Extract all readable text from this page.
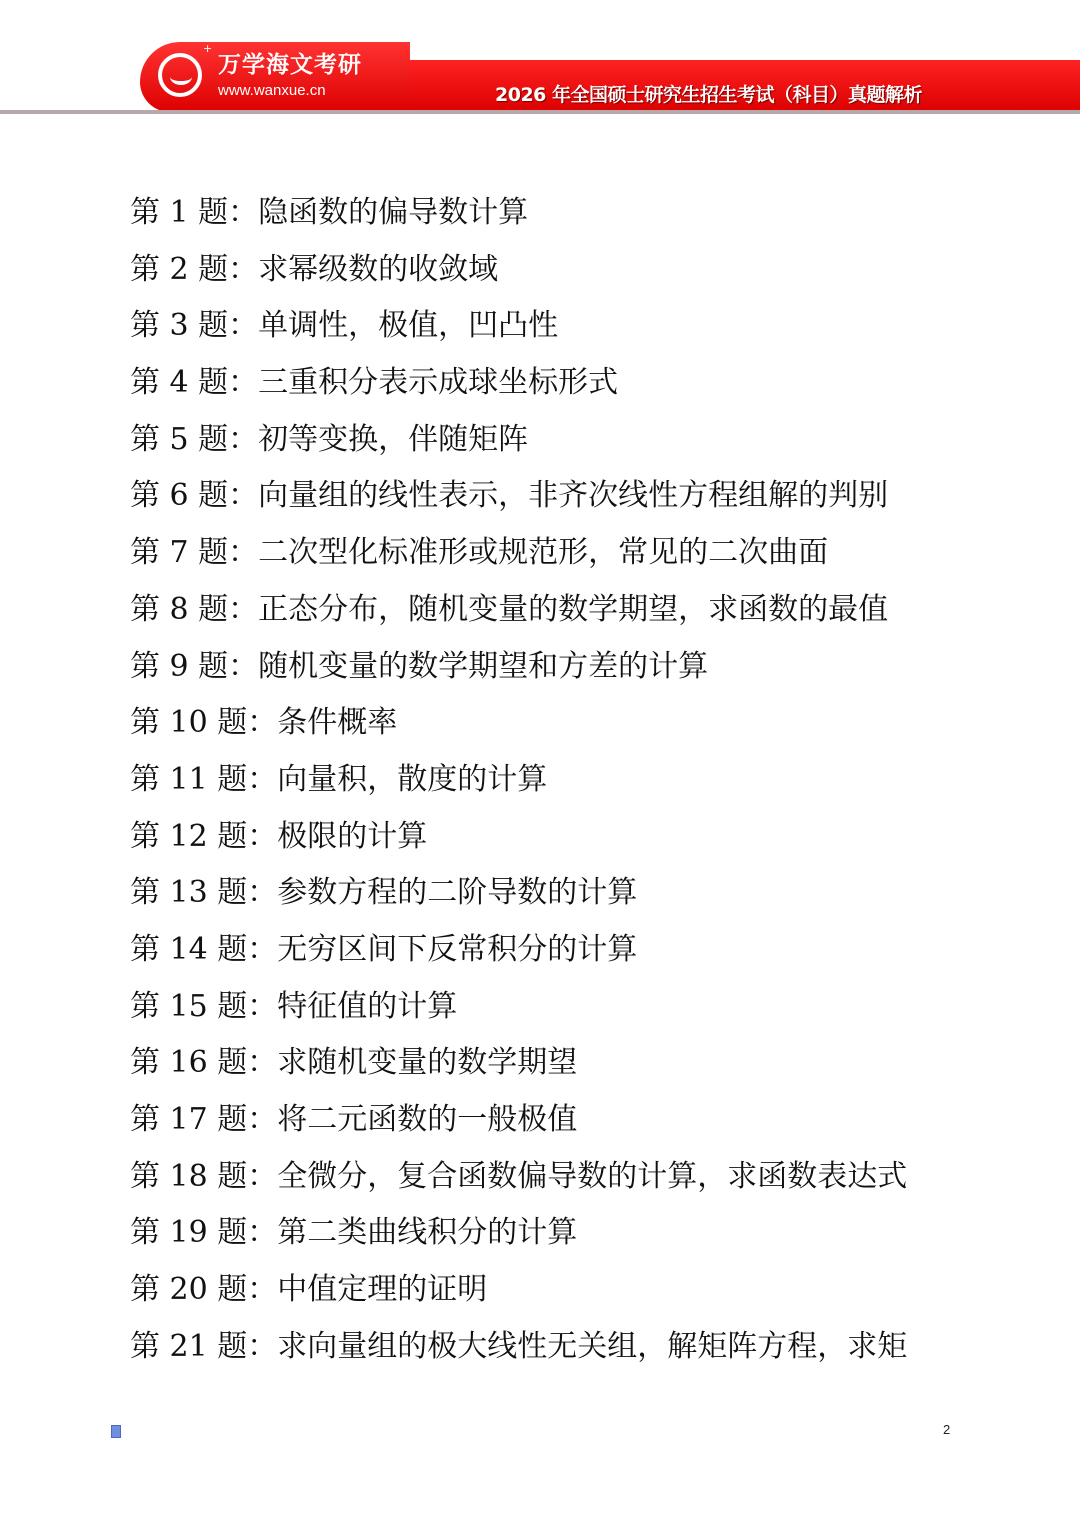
+
万学海文考研
www.wanxue.cn	2026 年全国硕士研究生招生考试（科目）真题解析
第 1 题：隐函数的偏导数计算
第 2 题：求幂级数的收敛域
第 3 题：单调性，极值，凹凸性
第 4 题：三重积分表示成球坐标形式
第 5 题：初等变换，伴随矩阵
第 6 题：向量组的线性表示，非齐次线性方程组解的判别
第 7 题：二次型化标准形或规范形，常见的二次曲面
第 8 题：正态分布，随机变量的数学期望，求函数的最值
第 9 题：随机变量的数学期望和方差的计算
第 10 题：条件概率
第 11 题：向量积，散度的计算
第 12 题：极限的计算
第 13 题：参数方程的二阶导数的计算
第 14 题：无穷区间下反常积分的计算
第 15 题：特征值的计算
第 16 题：求随机变量的数学期望
第 17 题：将二元函数的一般极值
第 18 题：全微分，复合函数偏导数的计算，求函数表达式
第 19 题：第二类曲线积分的计算
第 20 题：中值定理的证明
第 21 题：求向量组的极大线性无关组，解矩阵方程，求矩
2
